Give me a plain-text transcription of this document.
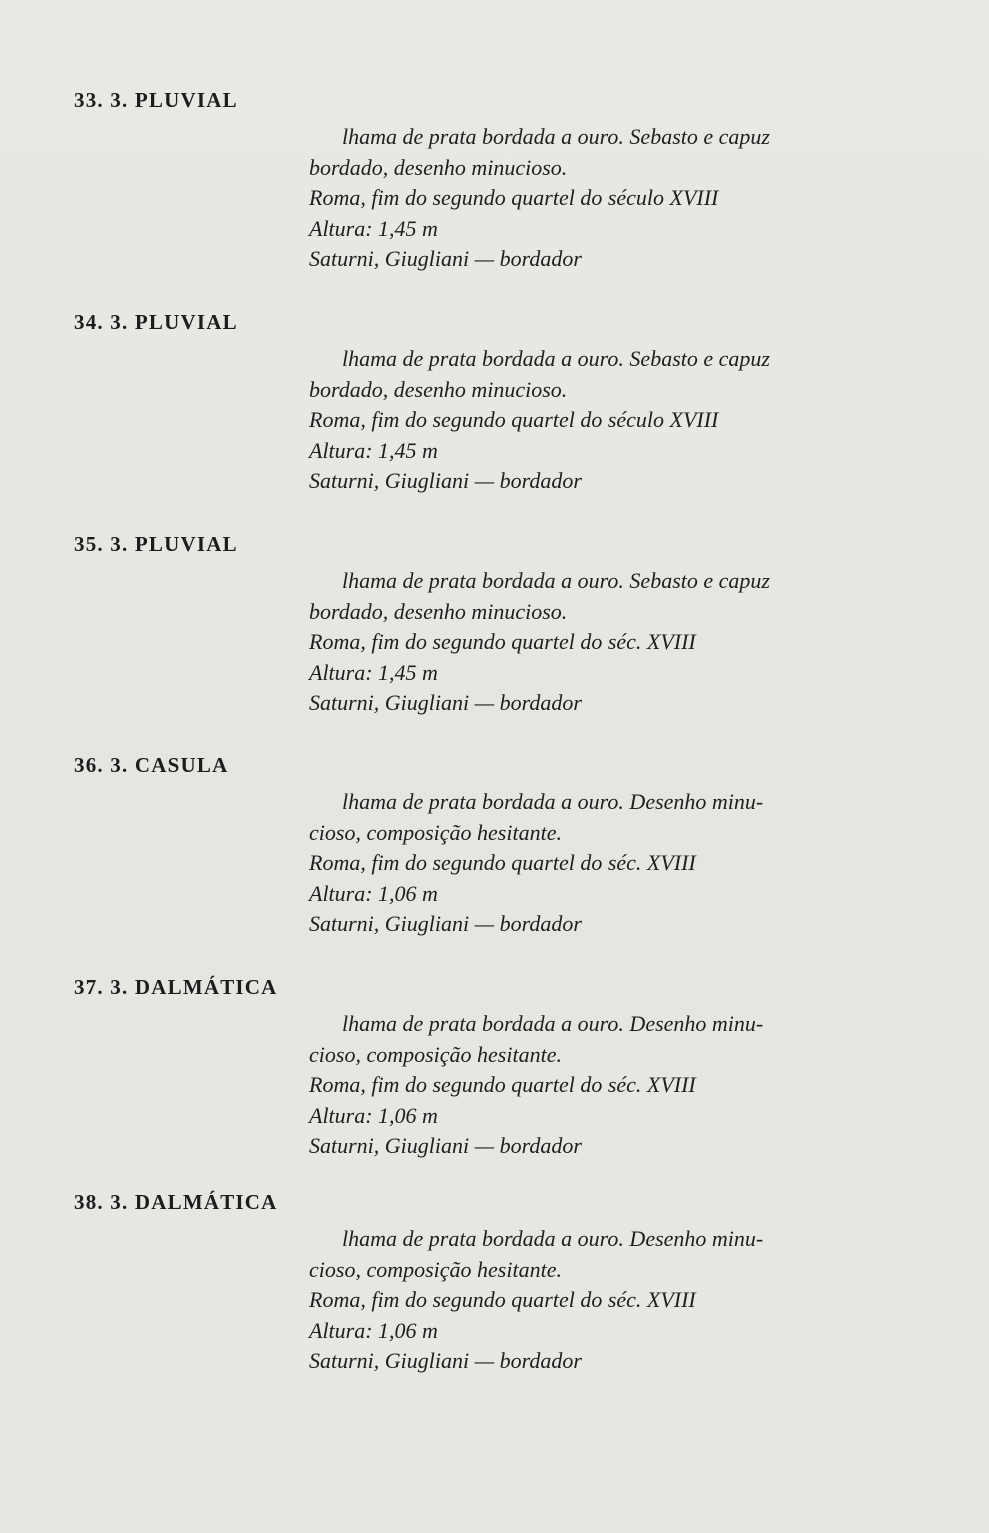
33. 3. PLUVIAL
lhama de prata bordada a ouro. Sebasto e capuz
bordado, desenho minucioso.
Roma, fim do segundo quartel do século XVIII
Altura: 1,45 m
Saturni, Giugliani — bordador
34. 3. PLUVIAL
lhama de prata bordada a ouro. Sebasto e capuz
bordado, desenho minucioso.
Roma, fim do segundo quartel do século XVIII
Altura: 1,45 m
Saturni, Giugliani — bordador
35. 3. PLUVIAL
lhama de prata bordada a ouro. Sebasto e capuz
bordado, desenho minucioso.
Roma, fim do segundo quartel do séc. XVIII
Altura: 1,45 m
Saturni, Giugliani — bordador
36. 3. CASULA
lhama de prata bordada a ouro. Desenho minu-
cioso, composição hesitante.
Roma, fim do segundo quartel do séc. XVIII
Altura: 1,06 m
Saturni, Giugliani — bordador
37. 3. DALMÁTICA
lhama de prata bordada a ouro. Desenho minu-
cioso, composição hesitante.
Roma, fim do segundo quartel do séc. XVIII
Altura: 1,06 m
Saturni, Giugliani — bordador
38. 3. DALMÁTICA
lhama de prata bordada a ouro. Desenho minu-
cioso, composição hesitante.
Roma, fim do segundo quartel do séc. XVIII
Altura: 1,06 m
Saturni, Giugliani — bordador
